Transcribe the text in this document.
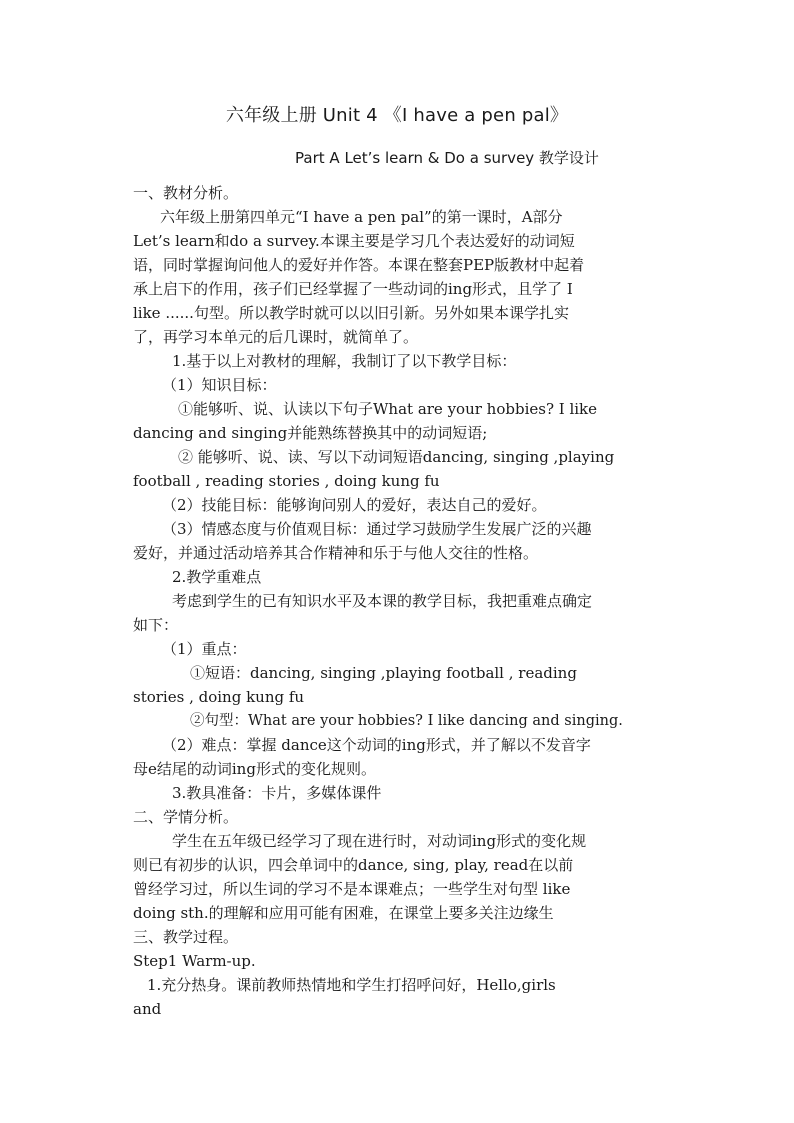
六年级上册 Unit 4 《I have a pen pal》
Part A Let’s learn & Do a survey 教学设计
一、教材分析。
六年级上册第四单元“I have a pen pal”的第一课时，A部分
Let’s learn和do a survey.本课主要是学习几个表达爱好的动词短
语，同时掌握询问他人的爱好并作答。本课在整套PEP版教材中起着
承上启下的作用，孩子们已经掌握了一些动词的ing形式，且学了 I
like ......句型。所以教学时就可以以旧引新。另外如果本课学扎实
了，再学习本单元的后几课时，就简单了。
1.基于以上对教材的理解，我制订了以下教学目标：
（1）知识目标：
①能够听、说、认读以下句子What are your hobbies? I like
dancing and singing并能熟练替换其中的动词短语;
② 能够听、说、读、写以下动词短语dancing, singing ,playing
football , reading stories , doing kung fu
（2）技能目标：能够询问别人的爱好，表达自己的爱好。
（3）情感态度与价值观目标：通过学习鼓励学生发展广泛的兴趣
爱好，并通过活动培养其合作精神和乐于与他人交往的性格。
2.教学重难点
考虑到学生的已有知识水平及本课的教学目标，我把重难点确定
如下：
（1）重点：
①短语：dancing, singing ,playing football , reading
stories , doing kung fu
②句型：What are your hobbies? I like dancing and singing.
（2）难点：掌握 dance这个动词的ing形式，并了解以不发音字
母e结尾的动词ing形式的变化规则。
3.教具准备：卡片，多媒体课件
二、学情分析。
学生在五年级已经学习了现在进行时，对动词ing形式的变化规
则已有初步的认识，四会单词中的dance, sing, play, read在以前
曾经学习过，所以生词的学习不是本课难点；一些学生对句型 like
doing sth.的理解和应用可能有困难，在课堂上要多关注边缘生
三、教学过程。
Step1 Warm-up.
1.充分热身。课前教师热情地和学生打招呼问好，Hello,girls
and
